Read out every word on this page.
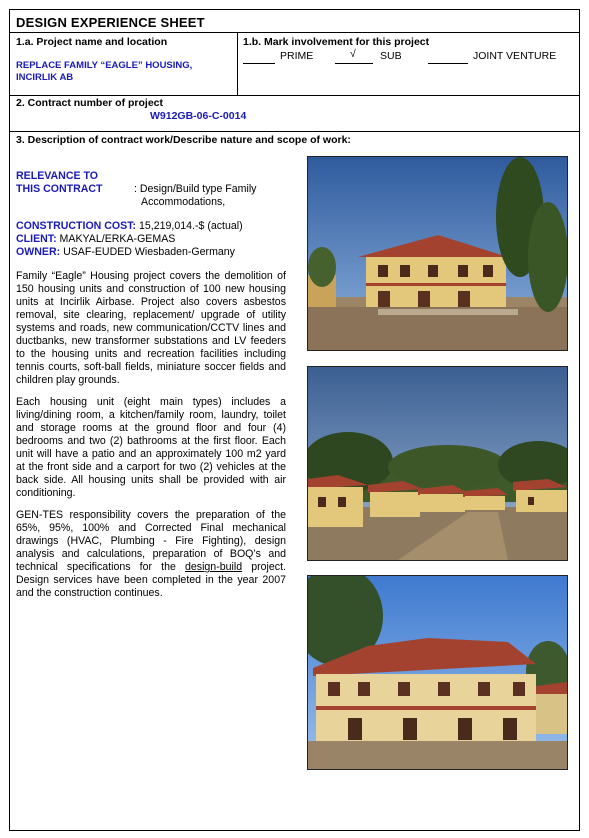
DESIGN EXPERIENCE SHEET
1.a. Project name and location
REPLACE FAMILY “EAGLE” HOUSING, INCIRLIK AB
1.b. Mark involvement for this project
PRIME	√ SUB	JOINT VENTURE
2. Contract number of project
W912GB-06-C-0014
3. Description of contract work/Describe nature and scope of work:
RELEVANCE TO
THIS CONTRACT	: Design/Build type Family
Accommodations,
CONSTRUCTION COST: 15,219,014.-$ (actual)
CLIENT: MAKYAL/ERKA-GEMAS
OWNER: USAF-EUDED Wiesbaden-Germany
Family “Eagle” Housing project covers the demolition of 150 housing units and construction of 100 new housing units at Incirlik Airbase. Project also covers asbestos removal, site clearing, replacement/ upgrade of utility systems and roads, new communication/CCTV lines and ductbanks, new transformer substations and LV feeders to the housing units and recreation facilities including tennis courts, soft-ball fields, miniature soccer fields and children play grounds.
Each housing unit (eight main types) includes a living/dining room, a kitchen/family room, laundry, toilet and storage rooms at the ground floor and four (4) bedrooms and two (2) bathrooms at the first floor. Each unit will have a patio and an approximately 100 m2 yard at the front side and a carport for two (2) vehicles at the back side. All housing units shall be provided with air conditioning.
GEN-TES responsibility covers the preparation of the 65%, 95%, 100% and Corrected Final mechanical drawings (HVAC, Plumbing - Fire Fighting), design analysis and calculations, preparation of BOQ’s and technical specifications for the design-build project. Design services have been completed in the year 2007 and the construction continues.
